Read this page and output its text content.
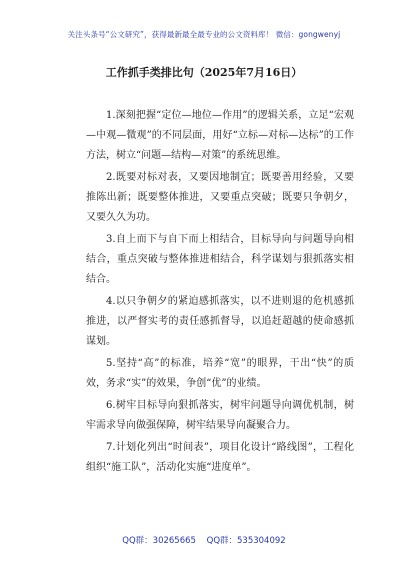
关注头条号“公文研究”，获得最新最全最专业的公文资料库！ 微信：gongwenyj
工作抓手类排比句（2025年7月16日）

1.深刻把握“定位—地位—作用”的逻辑关系，立足“宏观—中观—微观”的不同层面，用好“立标—对标—达标”的工作方法，树立“问题—结构—对策”的系统思维。

2.既要对标对表，又要因地制宜；既要善用经验，又要推陈出新；既要整体推进，又要重点突破；既要只争朝夕，又要久久为功。

3.自上而下与自下而上相结合，目标导向与问题导向相结合，重点突破与整体推进相结合，科学谋划与狠抓落实相结合。

4.以只争朝夕的紧迫感抓落实，以不进则退的危机感抓推进，以严督实考的责任感抓督导，以追赶超越的使命感抓谋划。

5.坚持“高”的标准，培养“宽”的眼界，干出“快”的质效，务求“实”的效果，争创“优”的业绩。

6.树牢目标导向狠抓落实，树牢问题导向调优机制，树牢需求导向做强保障，树牢结果导向凝聚合力。

7.计划化列出“时间表”，项目化设计“路线图”，工程化组织“施工队”，活动化实施“进度单”。

QQ群：30265665 QQ群：535304092
